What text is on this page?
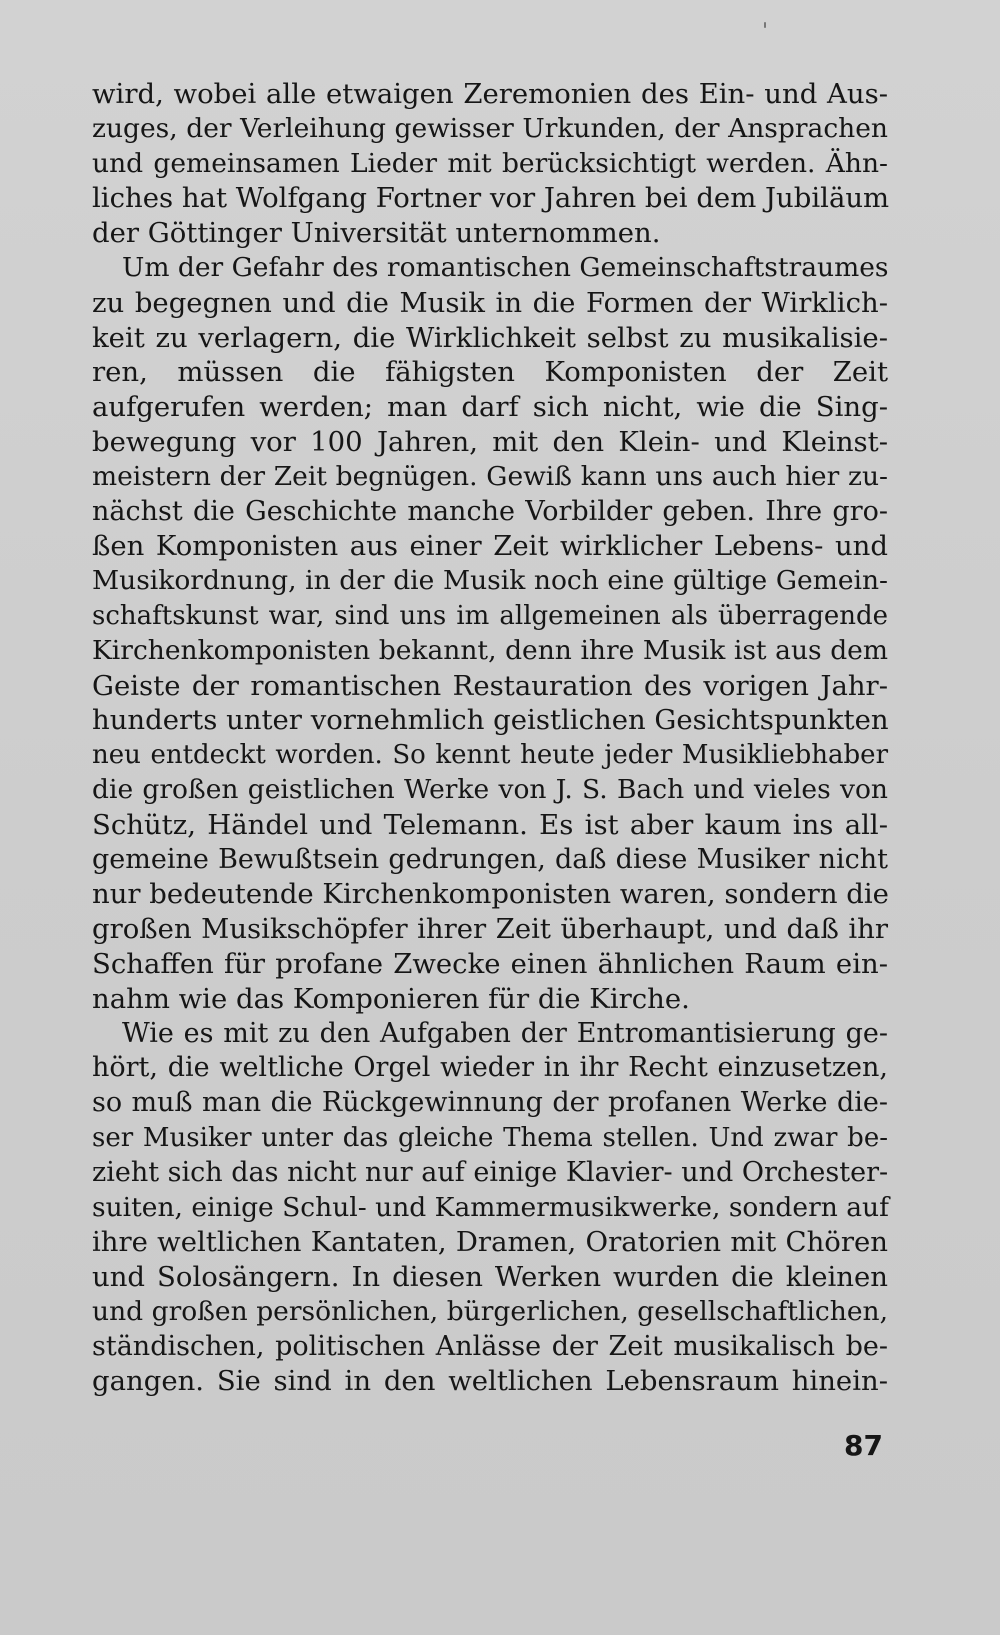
wird, wobei alle etwaigen Zeremonien des Ein- und Aus-
zuges, der Verleihung gewisser Urkunden, der Ansprachen
und gemeinsamen Lieder mit berücksichtigt werden. Ähn-
liches hat Wolfgang Fortner vor Jahren bei dem Jubiläum
der Göttinger Universität unternommen.
Um der Gefahr des romantischen Gemeinschaftstraumes
zu begegnen und die Musik in die Formen der Wirklich-
keit zu verlagern, die Wirklichkeit selbst zu musikalisie-
ren, müssen die fähigsten Komponisten der Zeit
aufgerufen werden; man darf sich nicht, wie die Sing-
bewegung vor 100 Jahren, mit den Klein- und Kleinst-
meistern der Zeit begnügen. Gewiß kann uns auch hier zu-
nächst die Geschichte manche Vorbilder geben. Ihre gro-
ßen Komponisten aus einer Zeit wirklicher Lebens- und
Musikordnung, in der die Musik noch eine gültige Gemein-
schaftskunst war, sind uns im allgemeinen als überragende
Kirchenkomponisten bekannt, denn ihre Musik ist aus dem
Geiste der romantischen Restauration des vorigen Jahr-
hunderts unter vornehmlich geistlichen Gesichtspunkten
neu entdeckt worden. So kennt heute jeder Musikliebhaber
die großen geistlichen Werke von J. S. Bach und vieles von
Schütz, Händel und Telemann. Es ist aber kaum ins all-
gemeine Bewußtsein gedrungen, daß diese Musiker nicht
nur bedeutende Kirchenkomponisten waren, sondern die
großen Musikschöpfer ihrer Zeit überhaupt, und daß ihr
Schaffen für profane Zwecke einen ähnlichen Raum ein-
nahm wie das Komponieren für die Kirche.
Wie es mit zu den Aufgaben der Entromantisierung ge-
hört, die weltliche Orgel wieder in ihr Recht einzusetzen,
so muß man die Rückgewinnung der profanen Werke die-
ser Musiker unter das gleiche Thema stellen. Und zwar be-
zieht sich das nicht nur auf einige Klavier- und Orchester-
suiten, einige Schul- und Kammermusikwerke, sondern auf
ihre weltlichen Kantaten, Dramen, Oratorien mit Chören
und Solosängern. In diesen Werken wurden die kleinen
und großen persönlichen, bürgerlichen, gesellschaftlichen,
ständischen, politischen Anlässe der Zeit musikalisch be-
gangen. Sie sind in den weltlichen Lebensraum hinein-
87
